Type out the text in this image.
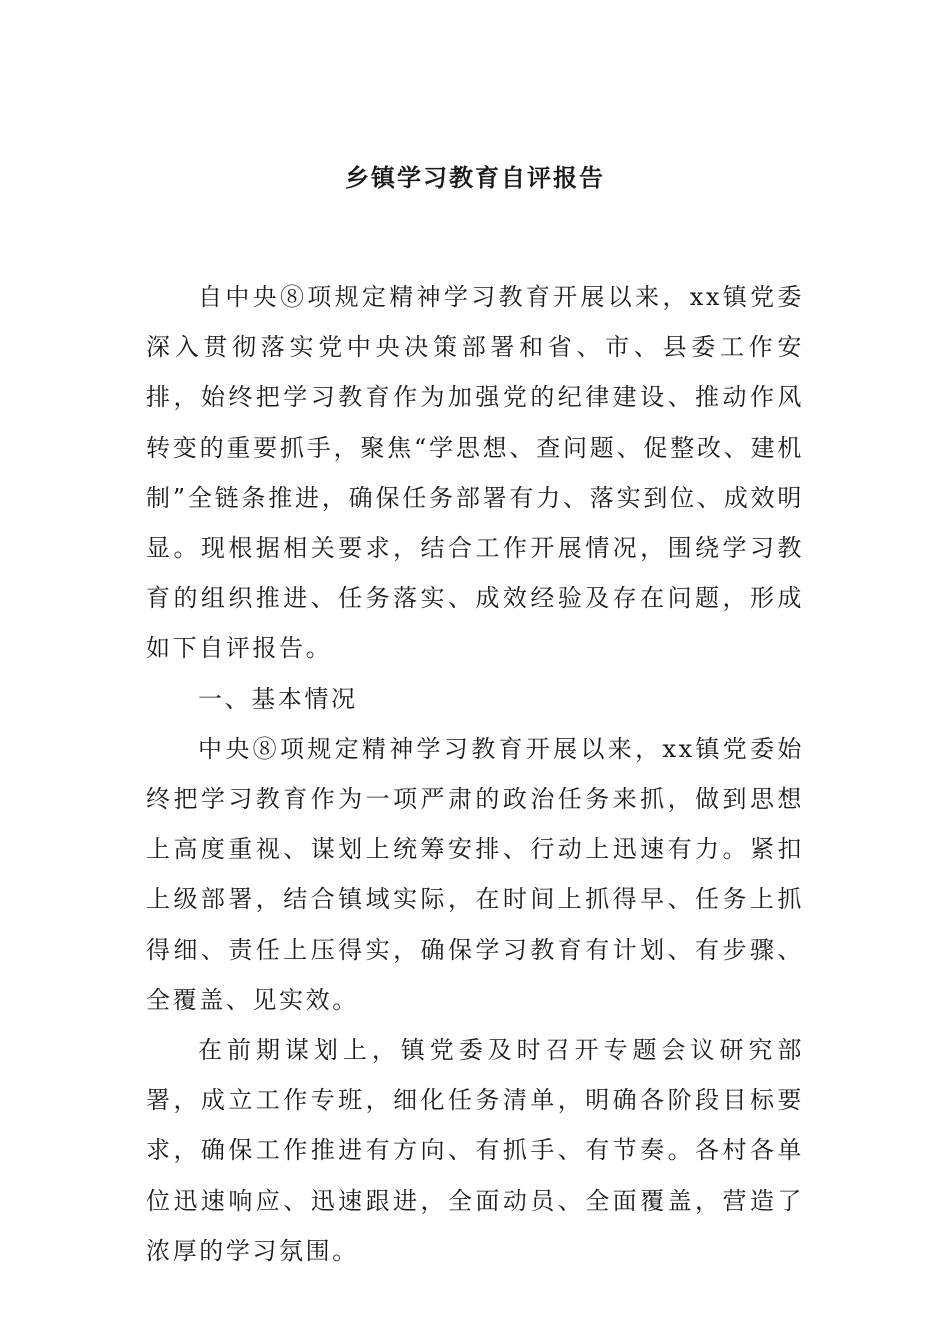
乡镇学习教育自评报告

自中央⑧项规定精神学习教育开展以来，xx镇党委深入贯彻落实党中央决策部署和省、市、县委工作安排，始终把学习教育作为加强党的纪律建设、推动作风转变的重要抓手，聚焦“学思想、查问题、促整改、建机制”全链条推进，确保任务部署有力、落实到位、成效明显。现根据相关要求，结合工作开展情况，围绕学习教育的组织推进、任务落实、成效经验及存在问题，形成如下自评报告。

一、基本情况

中央⑧项规定精神学习教育开展以来，xx镇党委始终把学习教育作为一项严肃的政治任务来抓，做到思想上高度重视、谋划上统筹安排、行动上迅速有力。紧扣上级部署，结合镇域实际，在时间上抓得早、任务上抓得细、责任上压得实，确保学习教育有计划、有步骤、全覆盖、见实效。

在前期谋划上，镇党委及时召开专题会议研究部署，成立工作专班，细化任务清单，明确各阶段目标要求，确保工作推进有方向、有抓手、有节奏。各村各单位迅速响应、迅速跟进，全面动员、全面覆盖，营造了浓厚的学习氛围。
